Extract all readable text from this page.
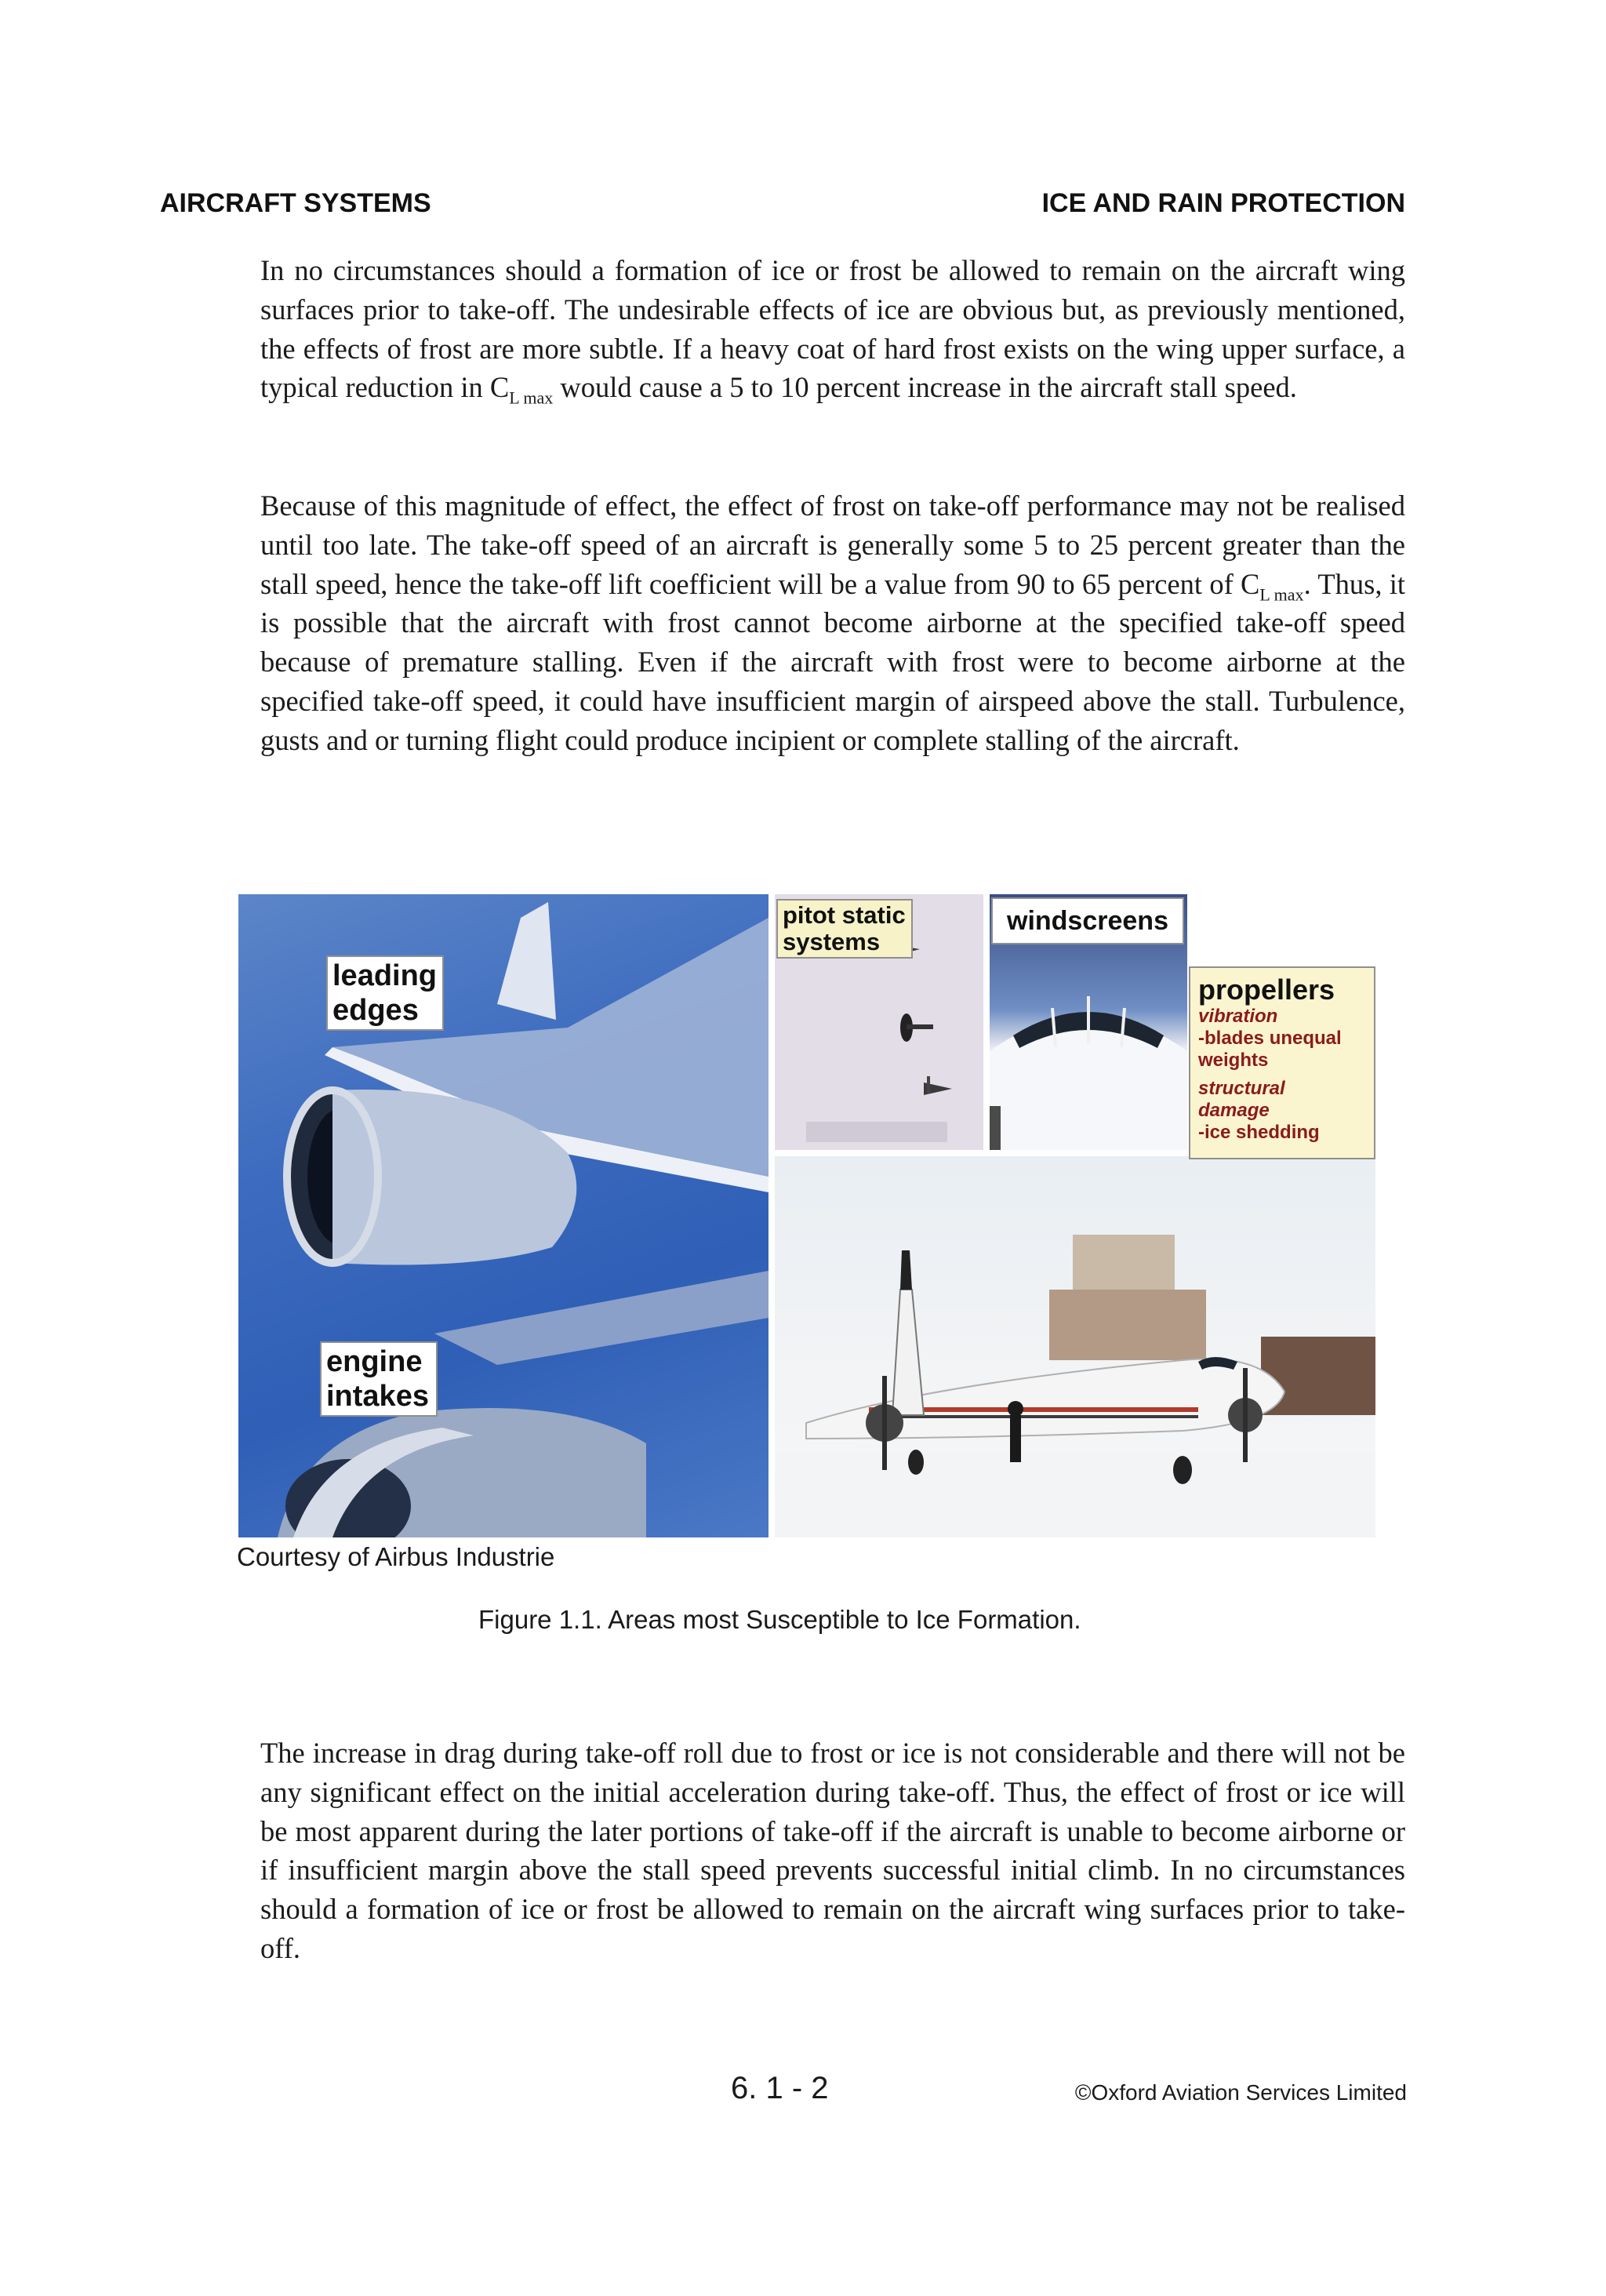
AIRCRAFT SYSTEMS	ICE AND RAIN PROTECTION

In no circumstances should a formation of ice or frost be allowed to remain on the aircraft wing surfaces prior to take-off. The undesirable effects of ice are obvious but, as previously mentioned, the effects of frost are more subtle. If a heavy coat of hard frost exists on the wing upper surface, a typical reduction in $C_{L max}$ would cause a 5 to 10 percent increase in the aircraft stall speed.

Because of this magnitude of effect, the effect of frost on take-off performance may not be realised until too late. The take-off speed of an aircraft is generally some 5 to 25 percent greater than the stall speed, hence the take-off lift coefficient will be a value from 90 to 65 percent of $C_{L max}$. Thus, it is possible that the aircraft with frost cannot become airborne at the specified take-off speed because of premature stalling. Even if the aircraft with frost were to become airborne at the specified take-off speed, it could have insufficient margin of airspeed above the stall. Turbulence, gusts and or turning flight could produce incipient or complete stalling of the aircraft.

leading
edges
engine
intakes
pitot static
systems
windscreens
propellers
vibration
-blades unequal
weights
structural
damage
-ice shedding
Courtesy of Airbus Industrie
Figure 1.1. Areas most Susceptible to Ice Formation.

The increase in drag during take-off roll due to frost or ice is not considerable and there will not be any significant effect on the initial acceleration during take-off. Thus, the effect of frost or ice will be most apparent during the later portions of take-off if the aircraft is unable to become airborne or if insufficient margin above the stall speed prevents successful initial climb. In no circumstances should a formation of ice or frost be allowed to remain on the aircraft wing surfaces prior to take-off.

6. 1 - 2	©Oxford Aviation Services Limited
